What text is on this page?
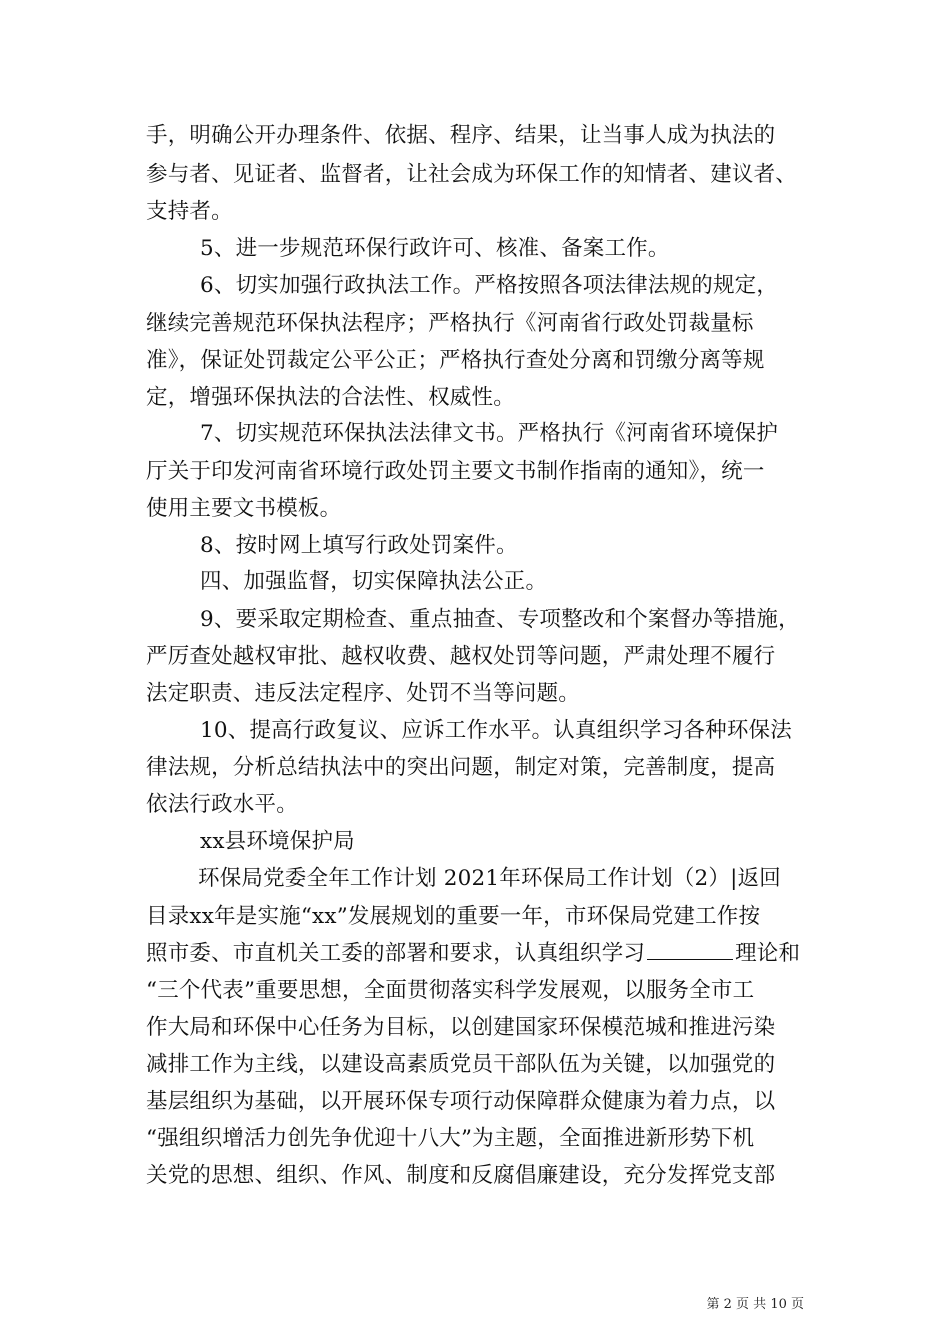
手，明确公开办理条件、依据、程序、结果，让当事人成为执法的
参与者、见证者、监督者，让社会成为环保工作的知情者、建议者、
支持者。
5、进一步规范环保行政许可、核准、备案工作。
6、切实加强行政执法工作。严格按照各项法律法规的规定，
继续完善规范环保执法程序；严格执行《河南省行政处罚裁量标
准》，保证处罚裁定公平公正；严格执行查处分离和罚缴分离等规
定，增强环保执法的合法性、权威性。
7、切实规范环保执法法律文书。严格执行《河南省环境保护
厅关于印发河南省环境行政处罚主要文书制作指南的通知》，统一
使用主要文书模板。
8、按时网上填写行政处罚案件。
四、加强监督，切实保障执法公正。
9、要采取定期检查、重点抽查、专项整改和个案督办等措施，
严厉查处越权审批、越权收费、越权处罚等问题，严肃处理不履行
法定职责、违反法定程序、处罚不当等问题。
10、提高行政复议、应诉工作水平。认真组织学习各种环保法
律法规，分析总结执法中的突出问题，制定对策，完善制度，提高
依法行政水平。
xx县环境保护局
环保局党委全年工作计划 2021年环保局工作计划（2）|返回
目录xx年是实施“xx”发展规划的重要一年，市环保局党建工作按
照市委、市直机关工委的部署和要求，认真组织学习	理论和
“三个代表”重要思想，全面贯彻落实科学发展观，以服务全市工
作大局和环保中心任务为目标，以创建国家环保模范城和推进污染
减排工作为主线，以建设高素质党员干部队伍为关键，以加强党的
基层组织为基础，以开展环保专项行动保障群众健康为着力点，以
“强组织增活力创先争优迎十八大”为主题，全面推进新形势下机
关党的思想、组织、作风、制度和反腐倡廉建设，充分发挥党支部
第 2 页 共 10 页
